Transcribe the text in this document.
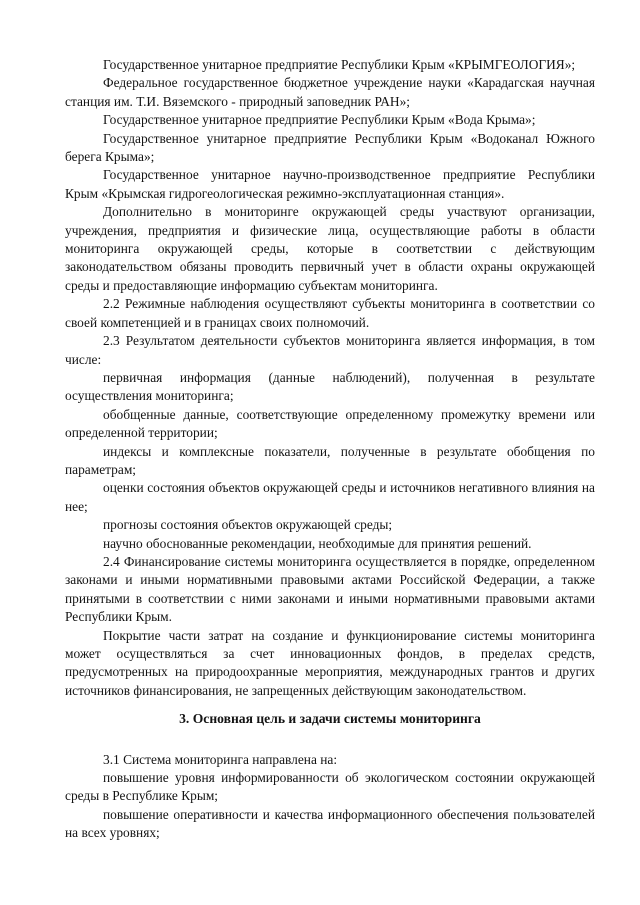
Государственное унитарное предприятие Республики Крым «КРЫМГЕОЛОГИЯ»;

Федеральное государственное бюджетное учреждение науки «Карадагская научная станция им. Т.И. Вяземского - природный заповедник РАН»;

Государственное унитарное предприятие Республики Крым «Вода Крыма»;

Государственное унитарное предприятие Республики Крым «Водоканал Южного берега Крыма»;

Государственное унитарное научно-производственное предприятие Республики Крым «Крымская гидрогеологическая режимно-эксплуатационная станция».

Дополнительно в мониторинге окружающей среды участвуют организации, учреждения, предприятия и физические лица, осуществляющие работы в области мониторинга окружающей среды, которые в соответствии с действующим законодательством обязаны проводить первичный учет в области охраны окружающей среды и предоставляющие информацию субъектам мониторинга.

2.2 Режимные наблюдения осуществляют субъекты мониторинга в соответствии со своей компетенцией и в границах своих полномочий.

2.3 Результатом деятельности субъектов мониторинга является информация, в том числе:

первичная информация (данные наблюдений), полученная в результате осуществления мониторинга;

обобщенные данные, соответствующие определенному промежутку времени или определенной территории;

индексы и комплексные показатели, полученные в результате обобщения по параметрам;

оценки состояния объектов окружающей среды и источников негативного влияния на нее;

прогнозы состояния объектов окружающей среды;

научно обоснованные рекомендации, необходимые для принятия решений.

2.4 Финансирование системы мониторинга осуществляется в порядке, определенном законами и иными нормативными правовыми актами Российской Федерации, а также принятыми в соответствии с ними законами и иными нормативными правовыми актами Республики Крым.

Покрытие части затрат на создание и функционирование системы мониторинга может осуществляться за счет инновационных фондов, в пределах средств, предусмотренных на природоохранные мероприятия, международных грантов и других источников финансирования, не запрещенных действующим законодательством.

3. Основная цель и задачи системы мониторинга

3.1 Система мониторинга направлена на:

повышение уровня информированности об экологическом состоянии окружающей среды в Республике Крым;

повышение оперативности и качества информационного обеспечения пользователей на всех уровнях;
